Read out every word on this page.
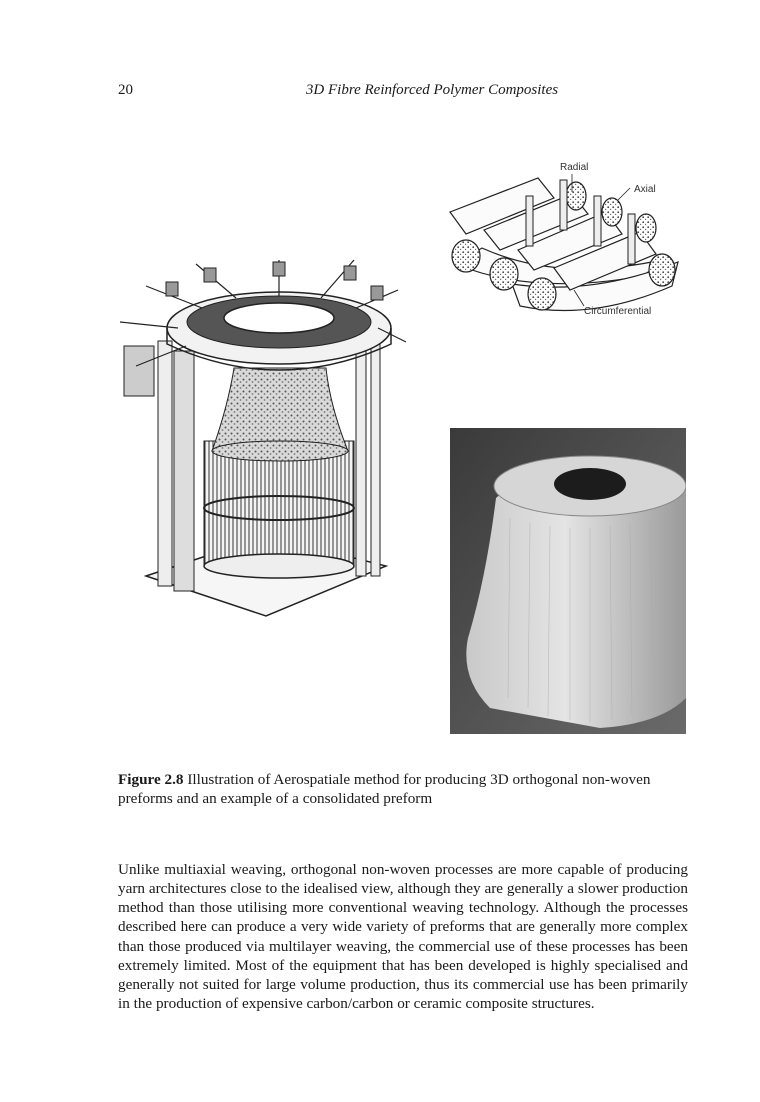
20	3D Fibre Reinforced Polymer Composites
Radial
Axial
Circumferential
Figure 2.8 Illustration of Aerospatiale method for producing 3D orthogonal non-woven preforms and an example of a consolidated preform

Unlike multiaxial weaving, orthogonal non-woven processes are more capable of producing yarn architectures close to the idealised view, although they are generally a slower production method than those utilising more conventional weaving technology. Although the processes described here can produce a very wide variety of preforms that are generally more complex than those produced via multilayer weaving, the commercial use of these processes has been extremely limited. Most of the equipment that has been developed is highly specialised and generally not suited for large volume production, thus its commercial use has been primarily in the production of expensive carbon/carbon or ceramic composite structures.
